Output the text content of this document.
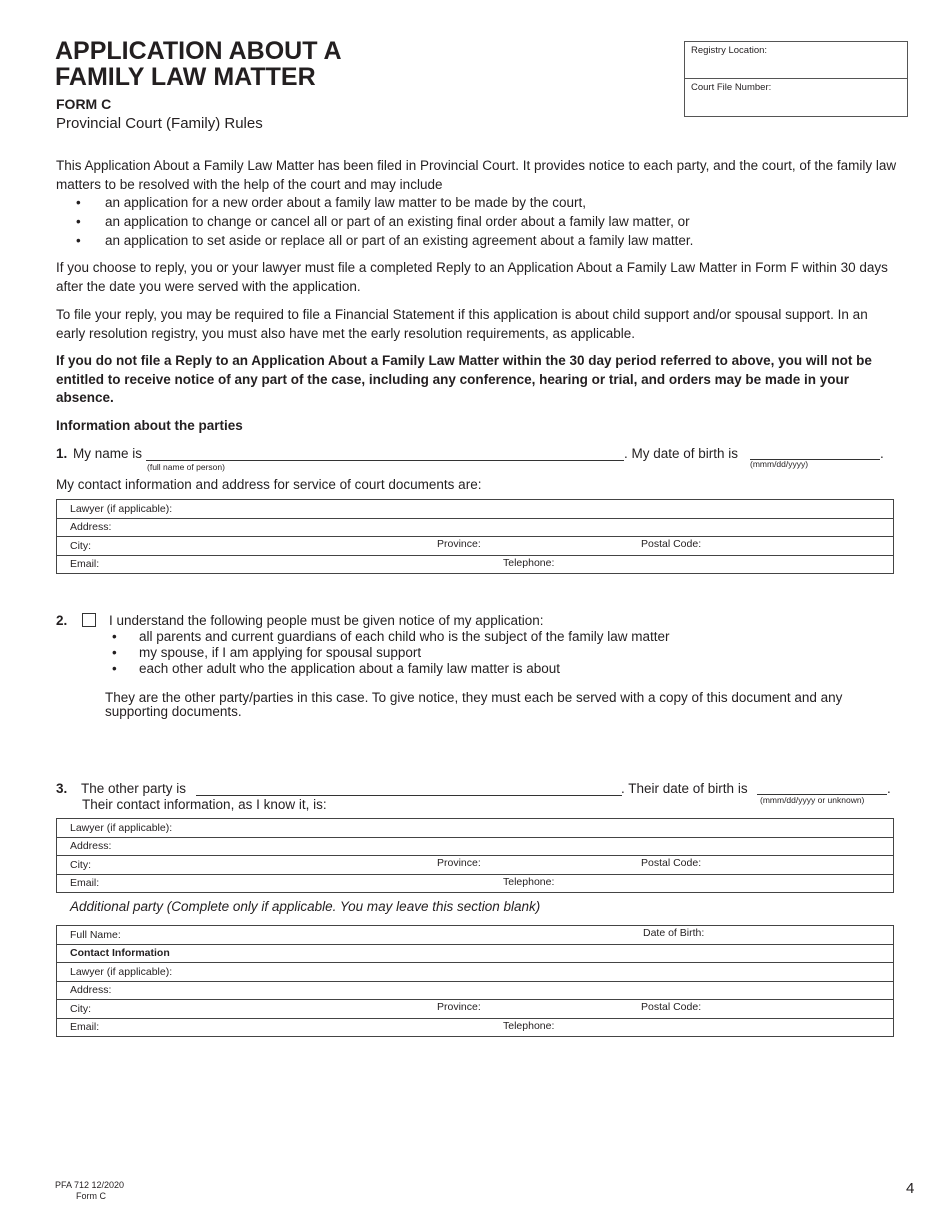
APPLICATION ABOUT A
FAMILY LAW MATTER
FORM C
Provincial Court (Family) Rules
Registry Location:
Court File Number:
This Application About a Family Law Matter has been filed in Provincial Court. It provides notice to each party, and the court, of the family law matters to be resolved with the help of the court and may include
• an application for a new order about a family law matter to be made by the court,
• an application to change or cancel all or part of an existing final order about a family law matter, or
• an application to set aside or replace all or part of an existing agreement about a family law matter.
If you choose to reply, you or your lawyer must file a completed Reply to an Application About a Family Law Matter in Form F within 30 days after the date you were served with the application.
To file your reply, you may be required to file a Financial Statement if this application is about child support and/or spousal support. In an early resolution registry, you must also have met the early resolution requirements, as applicable.
If you do not file a Reply to an Application About a Family Law Matter within the 30 day period referred to above, you will not be entitled to receive notice of any part of the case, including any conference, hearing or trial, and orders may be made in your absence.
Information about the parties
1. My name is
(full name of person)
. My date of birth is	.
(mmm/dd/yyyy)
My contact information and address for service of court documents are:
Lawyer (if applicable):
Address:
City:	Province:	Postal Code:

Email:	Telephone:
2.	I understand the following people must be given notice of my application:
• all parents and current guardians of each child who is the subject of the family law matter
• my spouse, if I am applying for spousal support
• each other adult who the application about a family law matter is about
They are the other party/parties in this case. To give notice, they must each be served with a copy of this document and any supporting documents.
3. The other party is	. Their date of birth is	.
(mmm/dd/yyyy or unknown)
Their contact information, as I know it, is:
Lawyer (if applicable):
Address:
City:	Province:	Postal Code:

Email:	Telephone:
Additional party (Complete only if applicable. You may leave this section blank)
Full Name:	Date of Birth:

Contact Information
Lawyer (if applicable):
Address:
City:	Province:	Postal Code:

Email:	Telephone:
PFA 712 12/2020
Form C	4
